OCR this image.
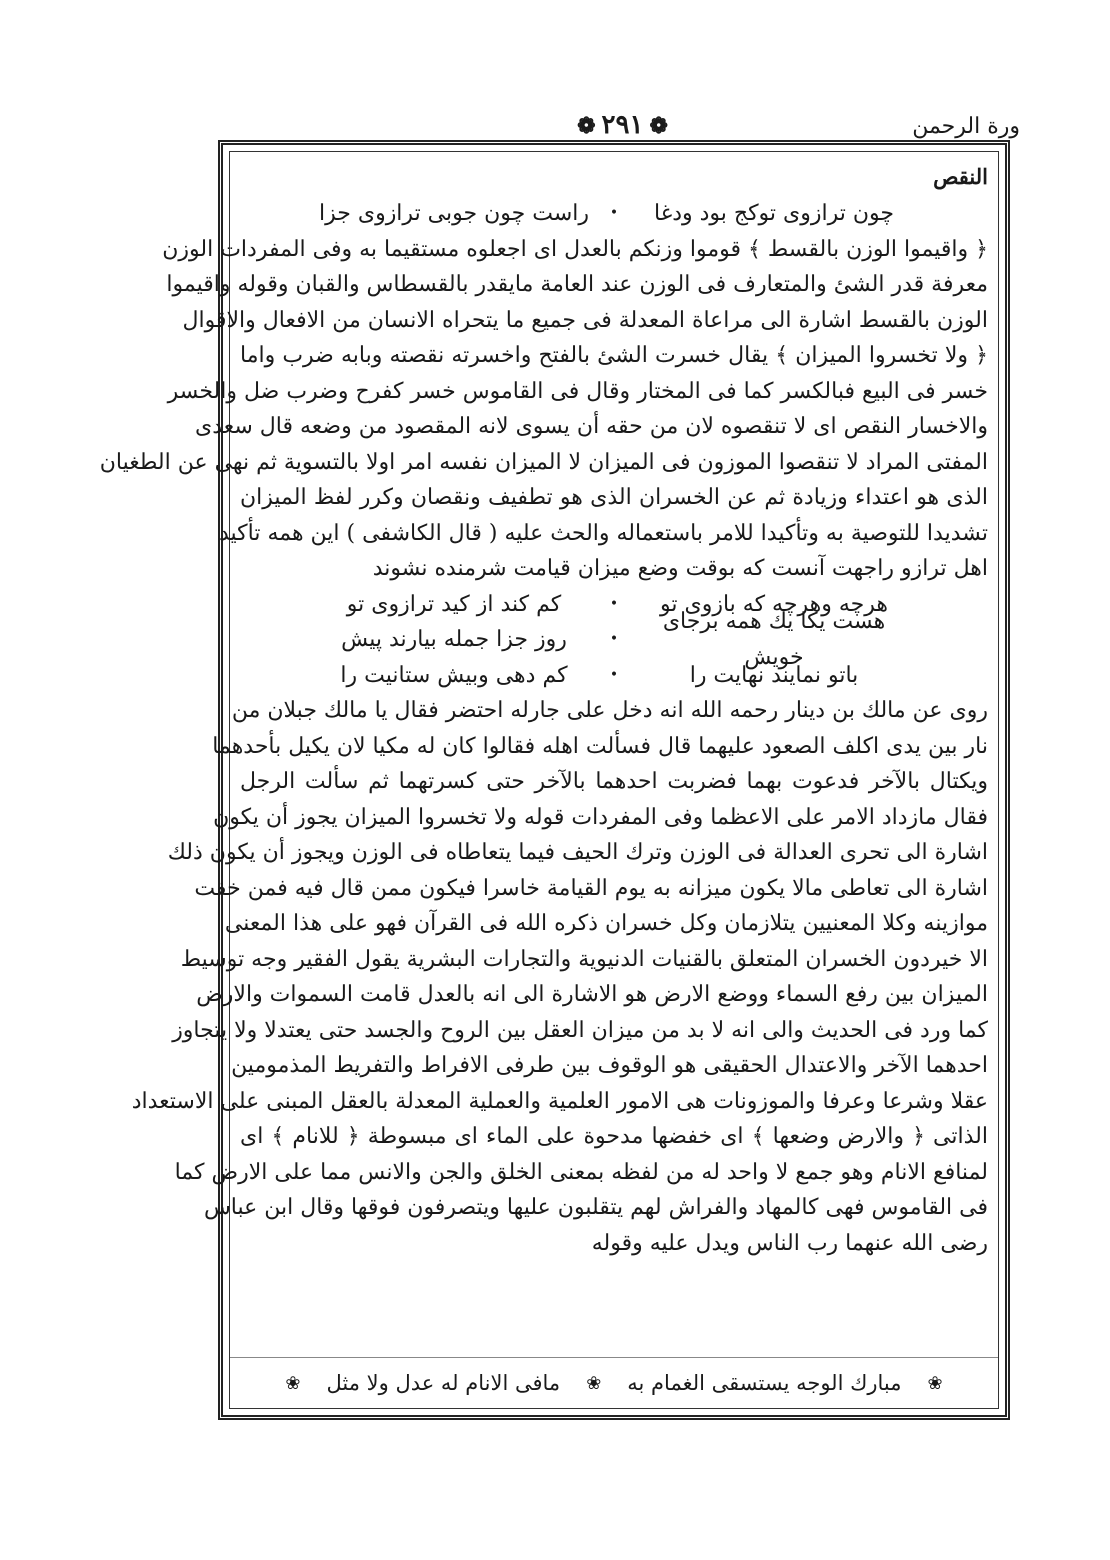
ورة الرحمن
❁٢٩١❁
النقص
چون ترازوی توكج بود ودغا
•
راست چون جوبی ترازوی جزا
﴿ واقيموا الوزن بالقسط ﴾ قوموا وزنكم بالعدل اى اجعلوه مستقيما به وفى المفردات الوزن
معرفة قدر الشئ والمتعارف فى الوزن عند العامة مايقدر بالقسطاس والقبان وقوله واقيموا
الوزن بالقسط اشارة الى مراعاة المعدلة فى جميع ما يتحراه الانسان من الافعال والاقوال
﴿ ولا تخسروا الميزان ﴾ يقال خسرت الشئ بالفتح واخسرته نقصته وبابه ضرب واما
خسر فى البيع فبالكسر كما فى المختار وقال فى القاموس خسر كفرح وضرب ضل والخسر
والاخسار النقص اى لا تنقصوه لان من حقه أن يسوى لانه المقصود من وضعه قال سعدى
المفتى المراد لا تنقصوا الموزون فى الميزان لا الميزان نفسه امر اولا بالتسوية ثم نهى عن الطغيان
الذى هو اعتداء وزيادة ثم عن الخسران الذى هو تطفيف ونقصان وكرر لفظ الميزان
تشديدا للتوصية به وتأكيدا للامر باستعماله والحث عليه ( قال الكاشفى ) اين همه تأكيد
اهل ترازو راجهت آنست كه بوقت وضع ميزان قيامت شرمنده نشوند
هرچه وهرچه كه بازوى تو
•
كم كند از كيد ترازوى تو
هست يكا يك همه برجاى خويش
•
روز جزا جمله بيارند پيش
باتو نمايند نهايت را
•
كم دهى وبيش ستانيت را
روى عن مالك بن دينار رحمه الله انه دخل على جارله احتضر فقال يا مالك جبلان من
نار بين يدى اكلف الصعود عليهما قال فسألت اهله فقالوا كان له مكيا لان يكيل بأحدهما
ويكتال بالآخر فدعوت بهما فضربت احدهما بالآخر حتى كسرتهما ثم سألت الرجل
فقال مازداد الامر على الاعظما وفى المفردات قوله ولا تخسروا الميزان يجوز أن يكون
اشارة الى تحرى العدالة فى الوزن وترك الحيف فيما يتعاطاه فى الوزن ويجوز أن يكون ذلك
اشارة الى تعاطى مالا يكون ميزانه به يوم القيامة خاسرا فيكون ممن قال فيه فمن خفت
موازينه وكلا المعنيين يتلازمان وكل خسران ذكره الله فى القرآن فهو على هذا المعنى
الا خيردون الخسران المتعلق بالقنيات الدنيوية والتجارات البشرية يقول الفقير وجه توسيط
الميزان بين رفع السماء ووضع الارض هو الاشارة الى انه بالعدل قامت السموات والارض
كما ورد فى الحديث والى انه لا بد من ميزان العقل بين الروح والجسد حتى يعتدلا ولا يتجاوز
احدهما الآخر والاعتدال الحقيقى هو الوقوف بين طرفى الافراط والتفريط المذمومين
عقلا وشرعا وعرفا والموزونات هى الامور العلمية والعملية المعدلة بالعقل المبنى على الاستعداد
الذاتى ﴿ والارض وضعها ﴾ اى خفضها مدحوة على الماء اى مبسوطة ﴿ للانام ﴾ اى
لمنافع الانام وهو جمع لا واحد له من لفظه بمعنى الخلق والجن والانس مما على الارض كما
فى القاموس فهى كالمهاد والفراش لهم يتقلبون عليها ويتصرفون فوقها وقال ابن عباس
رضى الله عنهما رب الناس ويدل عليه وقوله
❀
مبارك الوجه يستسقى الغمام به
❀
مافى الانام له عدل ولا مثل
❀
